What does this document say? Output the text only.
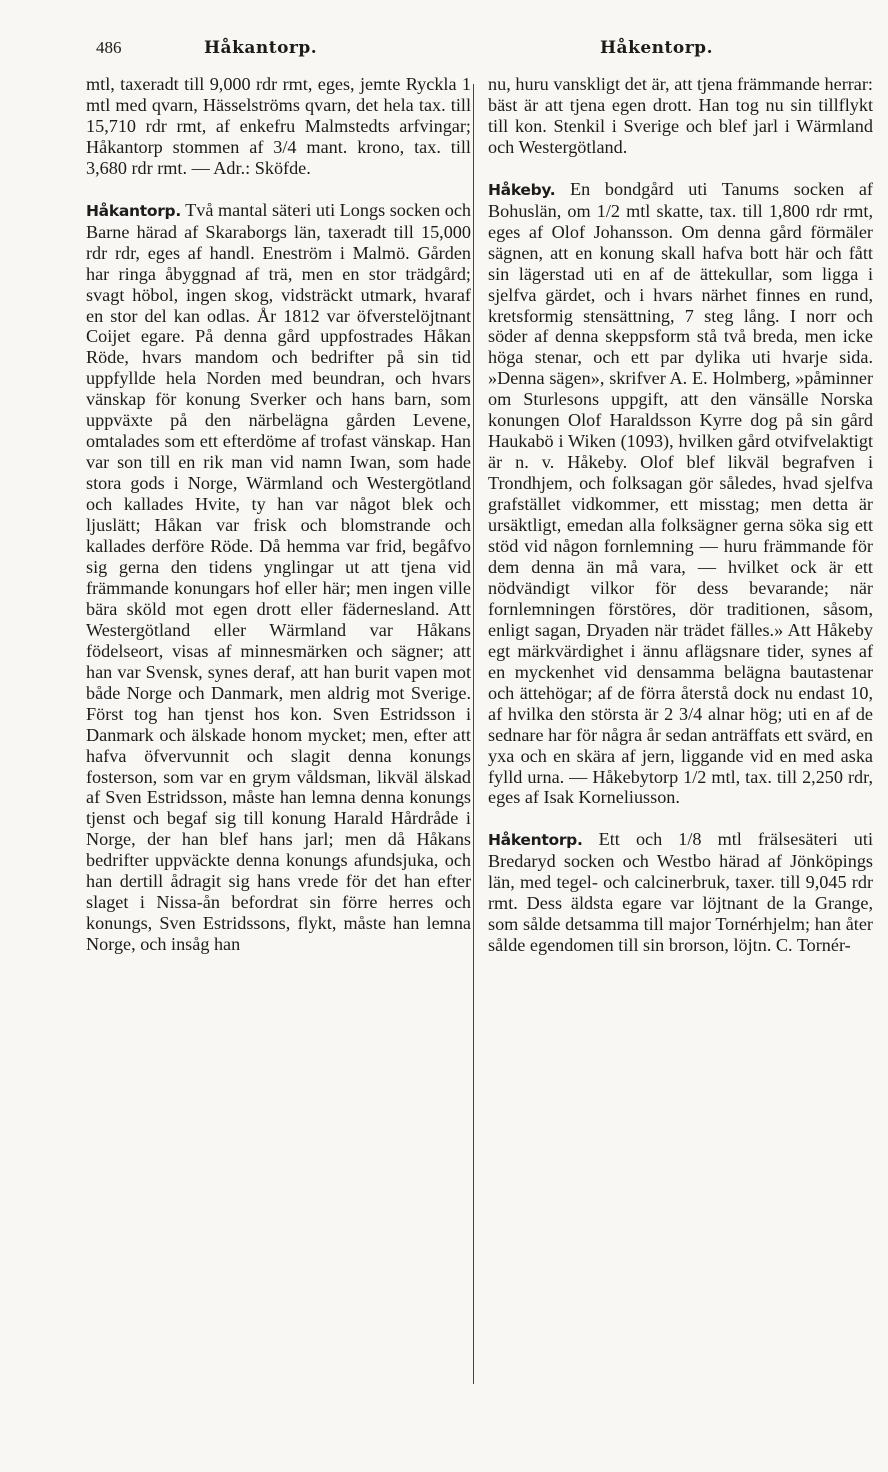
486	Håkantorp.	Håkentorp.

mtl, taxeradt till 9,000 rdr rmt, eges, jemte Ryckla 1 mtl med qvarn, Hässelströms qvarn, det hela tax. till 15,710 rdr rmt, af enkefru Malmstedts arfvingar; Håkantorp stommen af 3/4 mant. krono, tax. till 3,680 rdr rmt. — Adr.: Sköfde.

Håkantorp. Två mantal säteri uti Longs socken och Barne härad af Skaraborgs län, taxeradt till 15,000 rdr rdr, eges af handl. Eneström i Malmö. Gården har ringa åbyggnad af trä, men en stor trädgård; svagt höbol, ingen skog, vidsträckt utmark, hvaraf en stor del kan odlas. År 1812 var öfverstelöjtnant Coijet egare. På denna gård uppfostrades Håkan Röde, hvars mandom och bedrifter på sin tid uppfyllde hela Norden med beundran, och hvars vänskap för konung Sverker och hans barn, som uppväxte på den närbelägna gården Levene, omtalades som ett efterdöme af trofast vänskap. Han var son till en rik man vid namn Iwan, som hade stora gods i Norge, Wärmland och Westergötland och kallades Hvite, ty han var något blek och ljuslätt; Håkan var frisk och blomstrande och kallades derföre Röde. Då hemma var frid, begåfvo sig gerna den tidens ynglingar ut att tjena vid främmande konungars hof eller här; men ingen ville bära sköld mot egen drott eller fädernesland. Att Westergötland eller Wärmland var Håkans födelseort, visas af minnesmärken och sägner; att han var Svensk, synes deraf, att han burit vapen mot både Norge och Danmark, men aldrig mot Sverige. Först tog han tjenst hos kon. Sven Estridsson i Danmark och älskade honom mycket; men, efter att hafva öfvervunnit och slagit denna konungs fosterson, som var en grym våldsman, likväl älskad af Sven Estridsson, måste han lemna denna konungs tjenst och begaf sig till konung Harald Hårdråde i Norge, der han blef hans jarl; men då Håkans bedrifter uppväckte denna konungs afundsjuka, och han dertill ådragit sig hans vrede för det han efter slaget i Nissa-ån befordrat sin förre herres och konungs, Sven Estridssons, flykt, måste han lemna Norge, och insåg han

nu, huru vanskligt det är, att tjena främmande herrar: bäst är att tjena egen drott. Han tog nu sin tillflykt till kon. Stenkil i Sverige och blef jarl i Wärmland och Westergötland.

Håkeby. En bondgård uti Tanums socken af Bohuslän, om 1/2 mtl skatte, tax. till 1,800 rdr rmt, eges af Olof Johansson. Om denna gård förmäler sägnen, att en konung skall hafva bott här och fått sin lägerstad uti en af de ättekullar, som ligga i sjelfva gärdet, och i hvars närhet finnes en rund, kretsformig stensättning, 7 steg lång. I norr och söder af denna skeppsform stå två breda, men icke höga stenar, och ett par dylika uti hvarje sida. »Denna sägen», skrifver A. E. Holmberg, »påminner om Sturlesons uppgift, att den vänsälle Norska konungen Olof Haraldsson Kyrre dog på sin gård Haukabö i Wiken (1093), hvilken gård otvifvelaktigt är n. v. Håkeby. Olof blef likväl begrafven i Trondhjem, och folksagan gör således, hvad sjelfva grafstället vidkommer, ett misstag; men detta är ursäktligt, emedan alla folksägner gerna söka sig ett stöd vid någon fornlemning — huru främmande för dem denna än må vara, — hvilket ock är ett nödvändigt vilkor för dess bevarande; när fornlemningen förstöres, dör traditionen, såsom, enligt sagan, Dryaden när trädet fälles.» Att Håkeby egt märkvärdighet i ännu aflägsnare tider, synes af en myckenhet vid densamma belägna bautastenar och ättehögar; af de förra återstå dock nu endast 10, af hvilka den största är 2 3/4 alnar hög; uti en af de sednare har för några år sedan anträffats ett svärd, en yxa och en skära af jern, liggande vid en med aska fylld urna. — Håkebytorp 1/2 mtl, tax. till 2,250 rdr, eges af Isak Korneliusson.

Håkentorp. Ett och 1/8 mtl frälsesäteri uti Bredaryd socken och Westbo härad af Jönköpings län, med tegel- och calcinerbruk, taxer. till 9,045 rdr rmt. Dess äldsta egare var löjtnant de la Grange, som sålde detsamma till major Tornérhjelm; han åter sålde egendomen till sin brorson, löjtn. C. Tornér-
